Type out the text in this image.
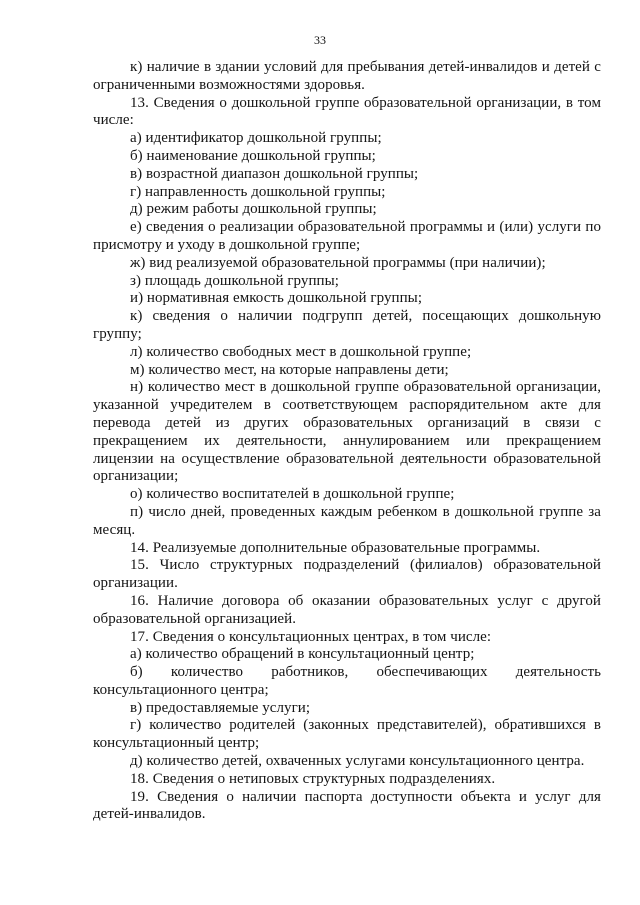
33

к) наличие в здании условий для пребывания детей-инвалидов и детей с ограниченными возможностями здоровья.

13. Сведения о дошкольной группе образовательной организации, в том числе:

а) идентификатор дошкольной группы;

б) наименование дошкольной группы;

в) возрастной диапазон дошкольной группы;

г) направленность дошкольной группы;

д) режим работы дошкольной группы;

е) сведения о реализации образовательной программы и (или) услуги по присмотру и уходу в дошкольной группе;

ж) вид реализуемой образовательной программы (при наличии);

з) площадь дошкольной группы;

и) нормативная емкость дошкольной группы;

к) сведения о наличии подгрупп детей, посещающих дошкольную группу;

л) количество свободных мест в дошкольной группе;

м) количество мест, на которые направлены дети;

н) количество мест в дошкольной группе образовательной организации, указанной учредителем в соответствующем распорядительном акте для перевода детей из других образовательных организаций в связи с прекращением их деятельности, аннулированием или прекращением лицензии на осуществление образовательной деятельности образовательной организации;

о) количество воспитателей в дошкольной группе;

п) число дней, проведенных каждым ребенком в дошкольной группе за месяц.

14. Реализуемые дополнительные образовательные программы.

15. Число структурных подразделений (филиалов) образовательной организации.

16. Наличие договора об оказании образовательных услуг с другой образовательной организацией.

17. Сведения о консультационных центрах, в том числе:

а) количество обращений в консультационный центр;

б) количество работников, обеспечивающих деятельность консультационного центра;

в) предоставляемые услуги;

г) количество родителей (законных представителей), обратившихся в консультационный центр;

д) количество детей, охваченных услугами консультационного центра.

18. Сведения о нетиповых структурных подразделениях.

19. Сведения о наличии паспорта доступности объекта и услуг для детей-инвалидов.
